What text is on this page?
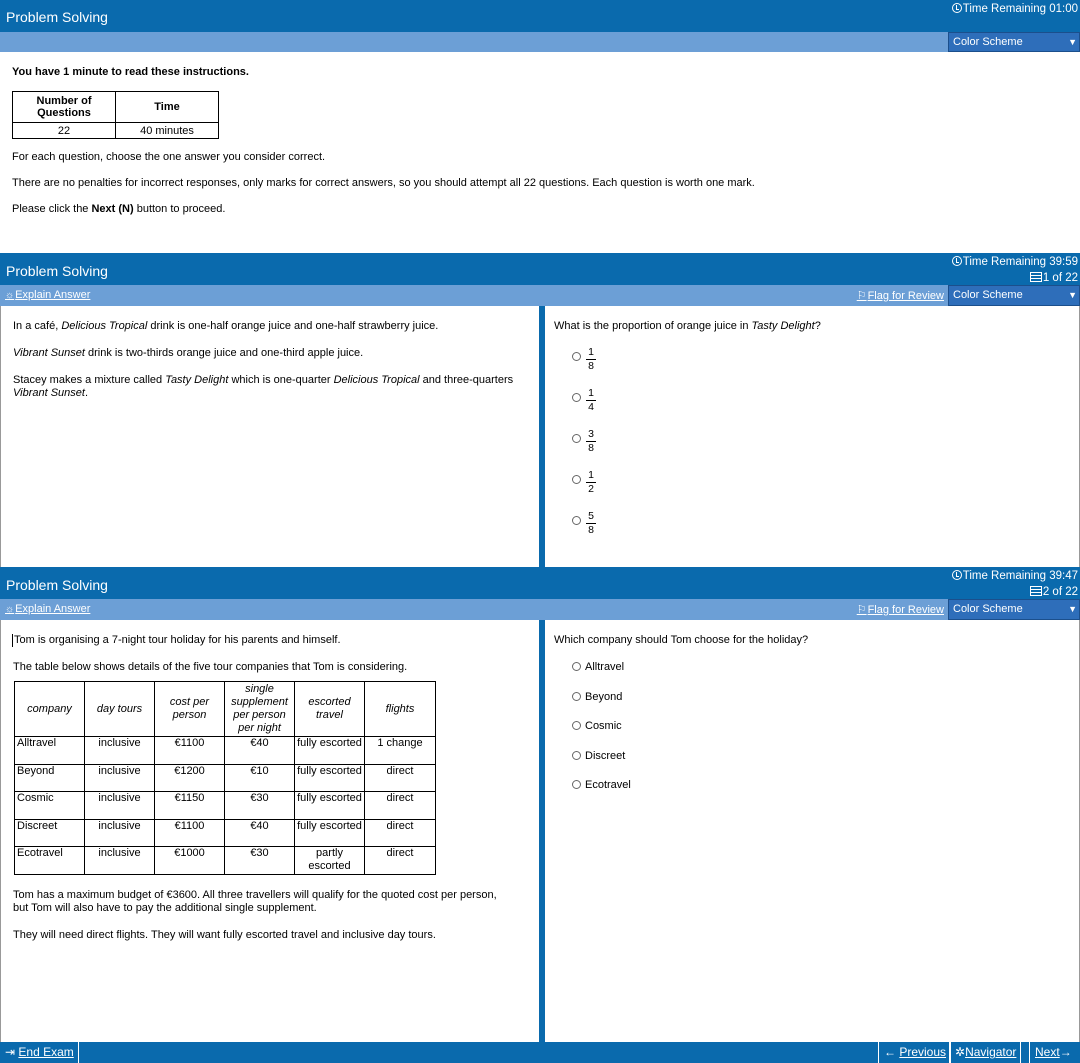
Problem Solving	Time Remaining 01:00
Color Scheme	▼
You have 1 minute to read these instructions.
Number of Questions	Time
22	40 minutes

For each question, choose the one answer you consider correct.

There are no penalties for incorrect responses, only marks for correct answers, so you should attempt all 22 questions. Each question is worth one mark.

Please click the Next (N) button to proceed.

Problem Solving
Time Remaining 39:59
1 of 22
☼Explain Answer	⚐Flag for Review Color Scheme	▼

In a café, Delicious Tropical drink is one-half orange juice and one-half strawberry juice.

Vibrant Sunset drink is two-thirds orange juice and one-third apple juice.

Stacey makes a mixture called Tasty Delight which is one-quarter Delicious Tropical and three-quarters Vibrant Sunset.

What is the proportion of orange juice in Tasty Delight?

$\frac{1}{8}$
$\frac{1}{4}$
$\frac{3}{8}$
$\frac{1}{2}$
$\frac{5}{8}$
Problem Solving
Time Remaining 39:47
2 of 22
☼Explain Answer	⚐Flag for Review Color Scheme	▼

Tom is organising a 7-night tour holiday for his parents and himself.

The table below shows details of the five tour companies that Tom is considering.

company	day tours	cost per person	single supplement per person per night	escorted travel	flights
Alltravel	inclusive	€1100	€40	fully escorted	1 change
Beyond	inclusive	€1200	€10	fully escorted	direct
Cosmic	inclusive	€1150	€30	fully escorted	direct
Discreet	inclusive	€1100	€40	fully escorted	direct
Ecotravel	inclusive	€1000	€30	partly escorted	direct

Tom has a maximum budget of €3600. All three travellers will qualify for the quoted cost per person, but Tom will also have to pay the additional single supplement.

They will need direct flights. They will want fully escorted travel and inclusive day tours.

Which company should Tom choose for the holiday?

Alltravel
Beyond
Cosmic
Discreet
Ecotravel
⇥ End Exam	← Previous ✲Navigator	Next→
